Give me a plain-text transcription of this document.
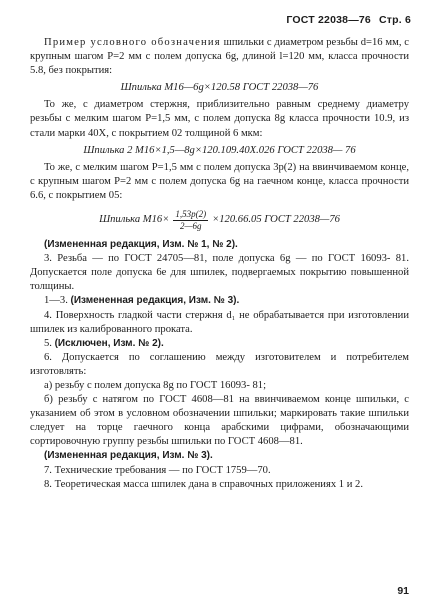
ГОСТ 22038—76 Стр. 6

Пример условного обозначения шпильки с диаметром резьбы d=16 мм, с крупным шагом P=2 мм с полем допуска 6g, длиной l=120 мм, класса прочности 5.8, без покрытия:

Шпилька М16—6g×120.58 ГОСТ 22038—76

То же, с диаметром стержня, приблизительно равным среднему диаметру резьбы с мелким шагом P=1,5 мм, с полем допуска 8g класса прочности 10.9, из стали марки 40Х, с покрытием 02 толщиной 6 мкм:

Шпилька 2 М16×1,5—8g×120.109.40Х.026 ГОСТ 22038— 76

То же, с мелким шагом P=1,5 мм с полем допуска 3p(2) на ввинчиваемом конце, с крупным шагом P=2 мм с полем допуска 6g на гаечном конце, класса прочности 6.6, с покрытием 05:

Шпилька $М16\times \frac{1,53p(2)}{2—6g} \times 120.66.05$ ГОСТ 22038—76

(Измененная редакция, Изм. № 1, № 2).

3. Резьба — по ГОСТ 24705—81, поле допуска 6g — по ГОСТ 16093- 81. Допускается поле допуска 6е для шпилек, подвергаемых покрытию повышенной толщины.

1—3. (Измененная редакция, Изм. № 3).

4. Поверхность гладкой части стержня d₁ не обрабатывается при изготовлении шпилек из калиброванного проката.

5. (Исключен, Изм. № 2).

6. Допускается по соглашению между изготовителем и потребителем изготовлять:

а) резьбу с полем допуска 8g по ГОСТ 16093- 81;

б) резьбу с натягом по ГОСТ 4608—81 на ввинчиваемом конце шпильки, с указанием об этом в условном обозначении шпильки; маркировать такие шпильки следует на торце гаечного конца арабскими цифрами, обозначающими сортировочную группу резьбы шпильки по ГОСТ 4608—81.

(Измененная редакция, Изм. № 3).

7. Технические требования — по ГОСТ 1759—70.

8. Теоретическая масса шпилек дана в справочных приложениях 1 и 2.

91
